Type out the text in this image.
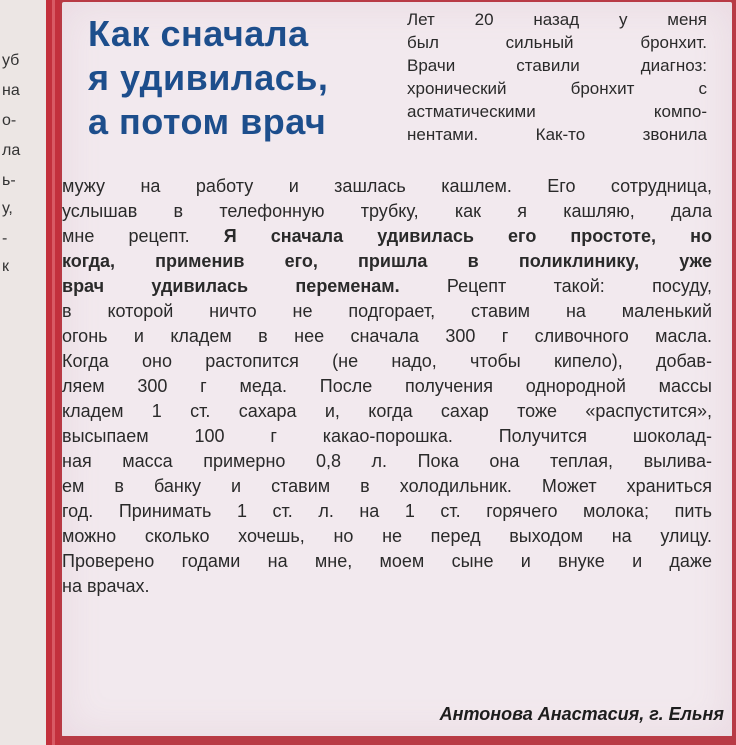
уб
на
о-
ла
ь-
у,
-
к
Как сначала
я удивилась,
а потом врач
Лет 20 назад у меня
был сильный бронхит.
Врачи ставили диагноз:
хронический бронхит с
астматическими компо-
нентами. Как-то звонила
мужу на работу и зашлась кашлем. Его сотрудница,
услышав в телефонную трубку, как я кашляю, дала
мне рецепт. Я сначала удивилась его простоте, но
когда, применив его, пришла в поликлинику, уже
врач удивилась переменам. Рецепт такой: посуду,
в которой ничто не подгорает, ставим на маленький
огонь и кладем в нее сначала 300 г сливочного масла.
Когда оно растопится (не надо, чтобы кипело), добав-
ляем 300 г меда. После получения однородной массы
кладем 1 ст. сахара и, когда сахар тоже «распустится»,
высыпаем 100 г какао-порошка. Получится шоколад-
ная масса примерно 0,8 л. Пока она теплая, вылива-
ем в банку и ставим в холодильник. Может храниться
год. Принимать 1 ст. л. на 1 ст. горячего молока; пить
можно сколько хочешь, но не перед выходом на улицу.
Проверено годами на мне, моем сыне и внуке и даже
на врачах.
Антонова Анастасия, г. Ельня
